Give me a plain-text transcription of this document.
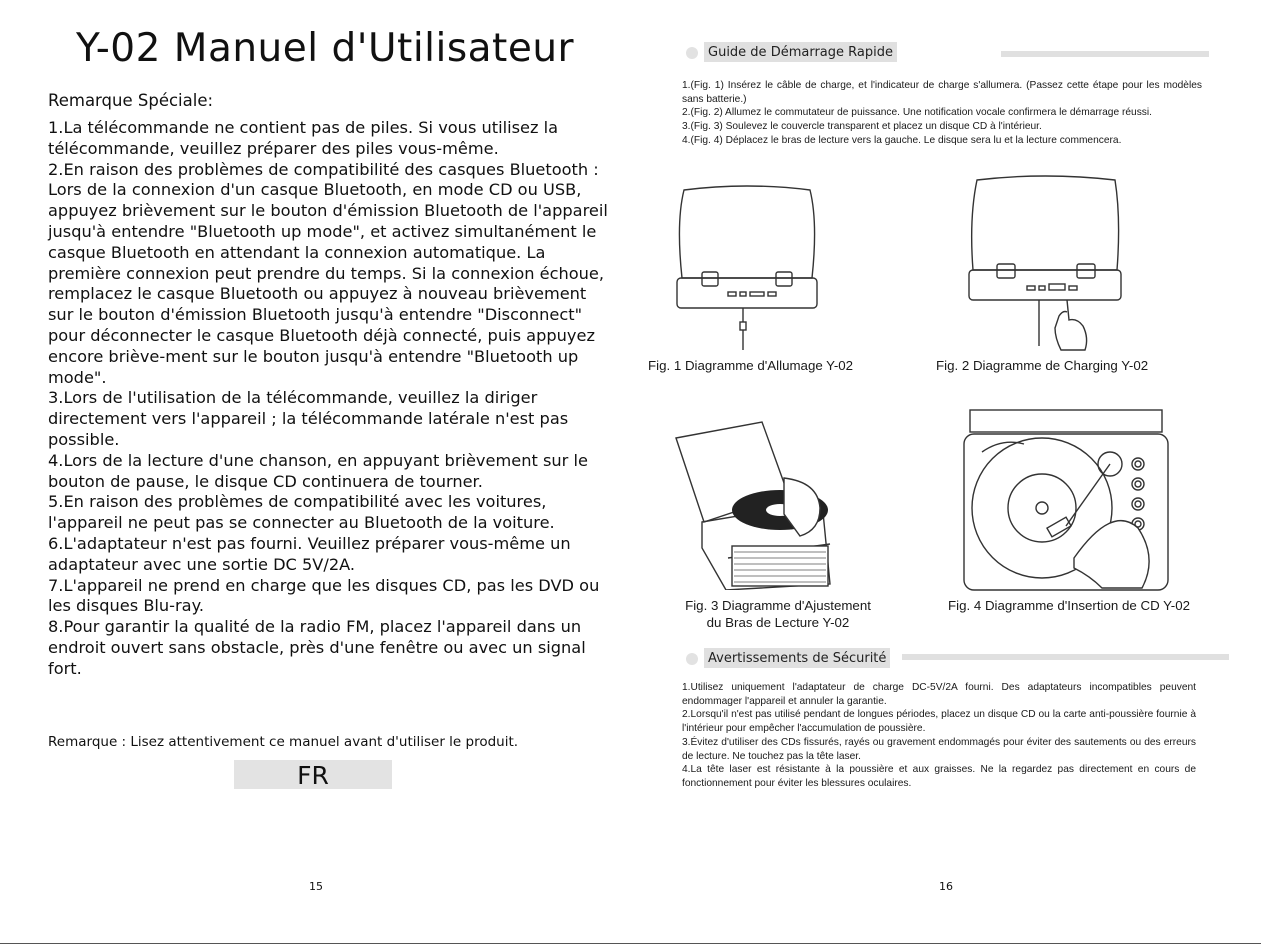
Y-02 Manuel d'Utilisateur
Remarque Spéciale:

1.La télécommande ne contient pas de piles. Si vous utilisez la télécommande, veuillez préparer des piles vous-même.

2.En raison des problèmes de compatibilité des casques Bluetooth : Lors de la connexion d'un casque Bluetooth, en mode CD ou USB, appuyez brièvement sur le bouton d'émission Bluetooth de l'appareil jusqu'à entendre "Bluetooth up mode", et activez simultanément le casque Bluetooth en attendant la connexion automatique. La première connexion peut prendre du temps. Si la connexion échoue, remplacez le casque Bluetooth ou appuyez à nouveau brièvement sur le bouton d'émission Bluetooth jusqu'à entendre "Disconnect" pour déconnecter le casque Bluetooth déjà connecté, puis appuyez encore briève-ment sur le bouton jusqu'à entendre "Bluetooth up mode".

3.Lors de l'utilisation de la télécommande, veuillez la diriger directement vers l'appareil ; la télécommande latérale n'est pas possible.

4.Lors de la lecture d'une chanson, en appuyant brièvement sur le bouton de pause, le disque CD continuera de tourner.

5.En raison des problèmes de compatibilité avec les voitures, l'appareil ne peut pas se connecter au Bluetooth de la voiture.

6.L'adaptateur n'est pas fourni. Veuillez préparer vous-même un adaptateur avec une sortie DC 5V/2A.

7.L'appareil ne prend en charge que les disques CD, pas les DVD ou les disques Blu-ray.

8.Pour garantir la qualité de la radio FM, placez l'appareil dans un endroit ouvert sans obstacle, près d'une fenêtre ou avec un signal fort.

Remarque : Lisez attentivement ce manuel avant d'utiliser le produit.
FR
15
Guide de Démarrage Rapide

1.(Fig. 1) Insérez le câble de charge, et l'indicateur de charge s'allumera. (Passez cette étape pour les modèles sans batterie.)

2.(Fig. 2) Allumez le commutateur de puissance. Une notification vocale confirmera le démarrage réussi.

3.(Fig. 3) Soulevez le couvercle transparent et placez un disque CD à l'intérieur.

4.(Fig. 4) Déplacez le bras de lecture vers la gauche. Le disque sera lu et la lecture commencera.

Fig. 1 Diagramme d'Allumage Y-02	Fig. 2 Diagramme de Charging Y-02
Fig. 3 Diagramme d'Ajustement
du Bras de Lecture Y-02
Fig. 4 Diagramme d'Insertion de CD Y-02
Avertissements de Sécurité

1.Utilisez uniquement l'adaptateur de charge DC-5V/2A fourni. Des adaptateurs incompatibles peuvent endommager l'appareil et annuler la garantie.

2.Lorsqu'il n'est pas utilisé pendant de longues périodes, placez un disque CD ou la carte anti-poussière fournie à l'intérieur pour empêcher l'accumulation de poussière.

3.Évitez d'utiliser des CDs fissurés, rayés ou gravement endommagés pour éviter des sautements ou des erreurs de lecture. Ne touchez pas la tête laser.

4.La tête laser est résistante à la poussière et aux graisses. Ne la regardez pas directement en cours de fonctionnement pour éviter les blessures oculaires.

16
